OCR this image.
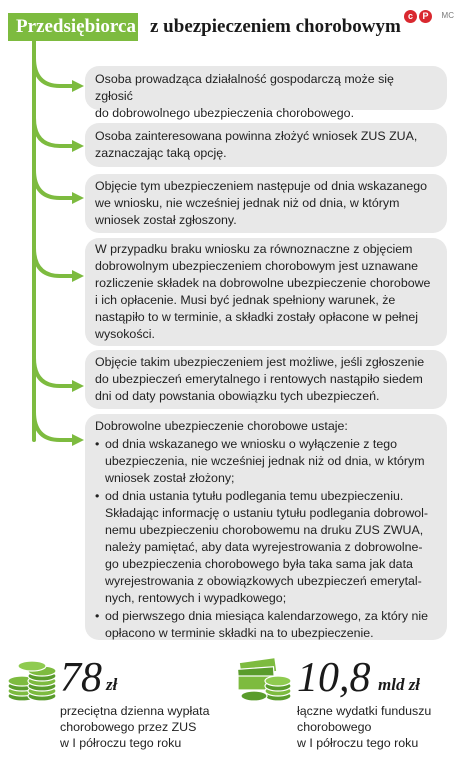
Przedsiębiorca z ubezpieczeniem chorobowym c	P	MC
Osoba prowadząca działalność gospodarczą może się zgłosić
do dobrowolnego ubezpieczenia chorobowego.
Osoba zainteresowana powinna złożyć wniosek ZUS ZUA,
zaznaczając taką opcję.
Objęcie tym ubezpieczeniem następuje od dnia wskazanego
we wniosku, nie wcześniej jednak niż od dnia, w którym
wniosek został zgłoszony.
W przypadku braku wniosku za równoznaczne z objęciem
dobrowolnym ubezpieczeniem chorobowym jest uznawane
rozliczenie składek na dobrowolne ubezpieczenie chorobowe
i ich opłacenie. Musi być jednak spełniony warunek, że
nastąpiło to w terminie, a składki zostały opłacone w pełnej
wysokości.
Objęcie takim ubezpieczeniem jest możliwe, jeśli zgłoszenie
do ubezpieczeń emerytalnego i rentowych nastąpiło siedem
dni od daty powstania obowiązku tych ubezpieczeń.
Dobrowolne ubezpieczenie chorobowe ustaje:
• od dnia wskazanego we wniosku o wyłączenie z tego
ubezpieczenia, nie wcześniej jednak niż od dnia, w którym
wniosek został złożony;
• od dnia ustania tytułu podlegania temu ubezpieczeniu.
Składając informację o ustaniu tytułu podlegania dobrowol-
nemu ubezpieczeniu chorobowemu na druku ZUS ZWUA,
należy pamiętać, aby data wyrejestrowania z dobrowolne-
go ubezpieczenia chorobowego była taka sama jak data
wyrejestrowania z obowiązkowych ubezpieczeń emerytal-
nych, rentowych i wypadkowego;
• od pierwszego dnia miesiąca kalendarzowego, za który nie
opłacono w terminie składki na to ubezpieczenie.
78 zł
przeciętna dzienna wypłata
chorobowego przez ZUS
w I półroczu tego roku
10,8 mld zł
łączne wydatki funduszu
chorobowego
w I półroczu tego roku
